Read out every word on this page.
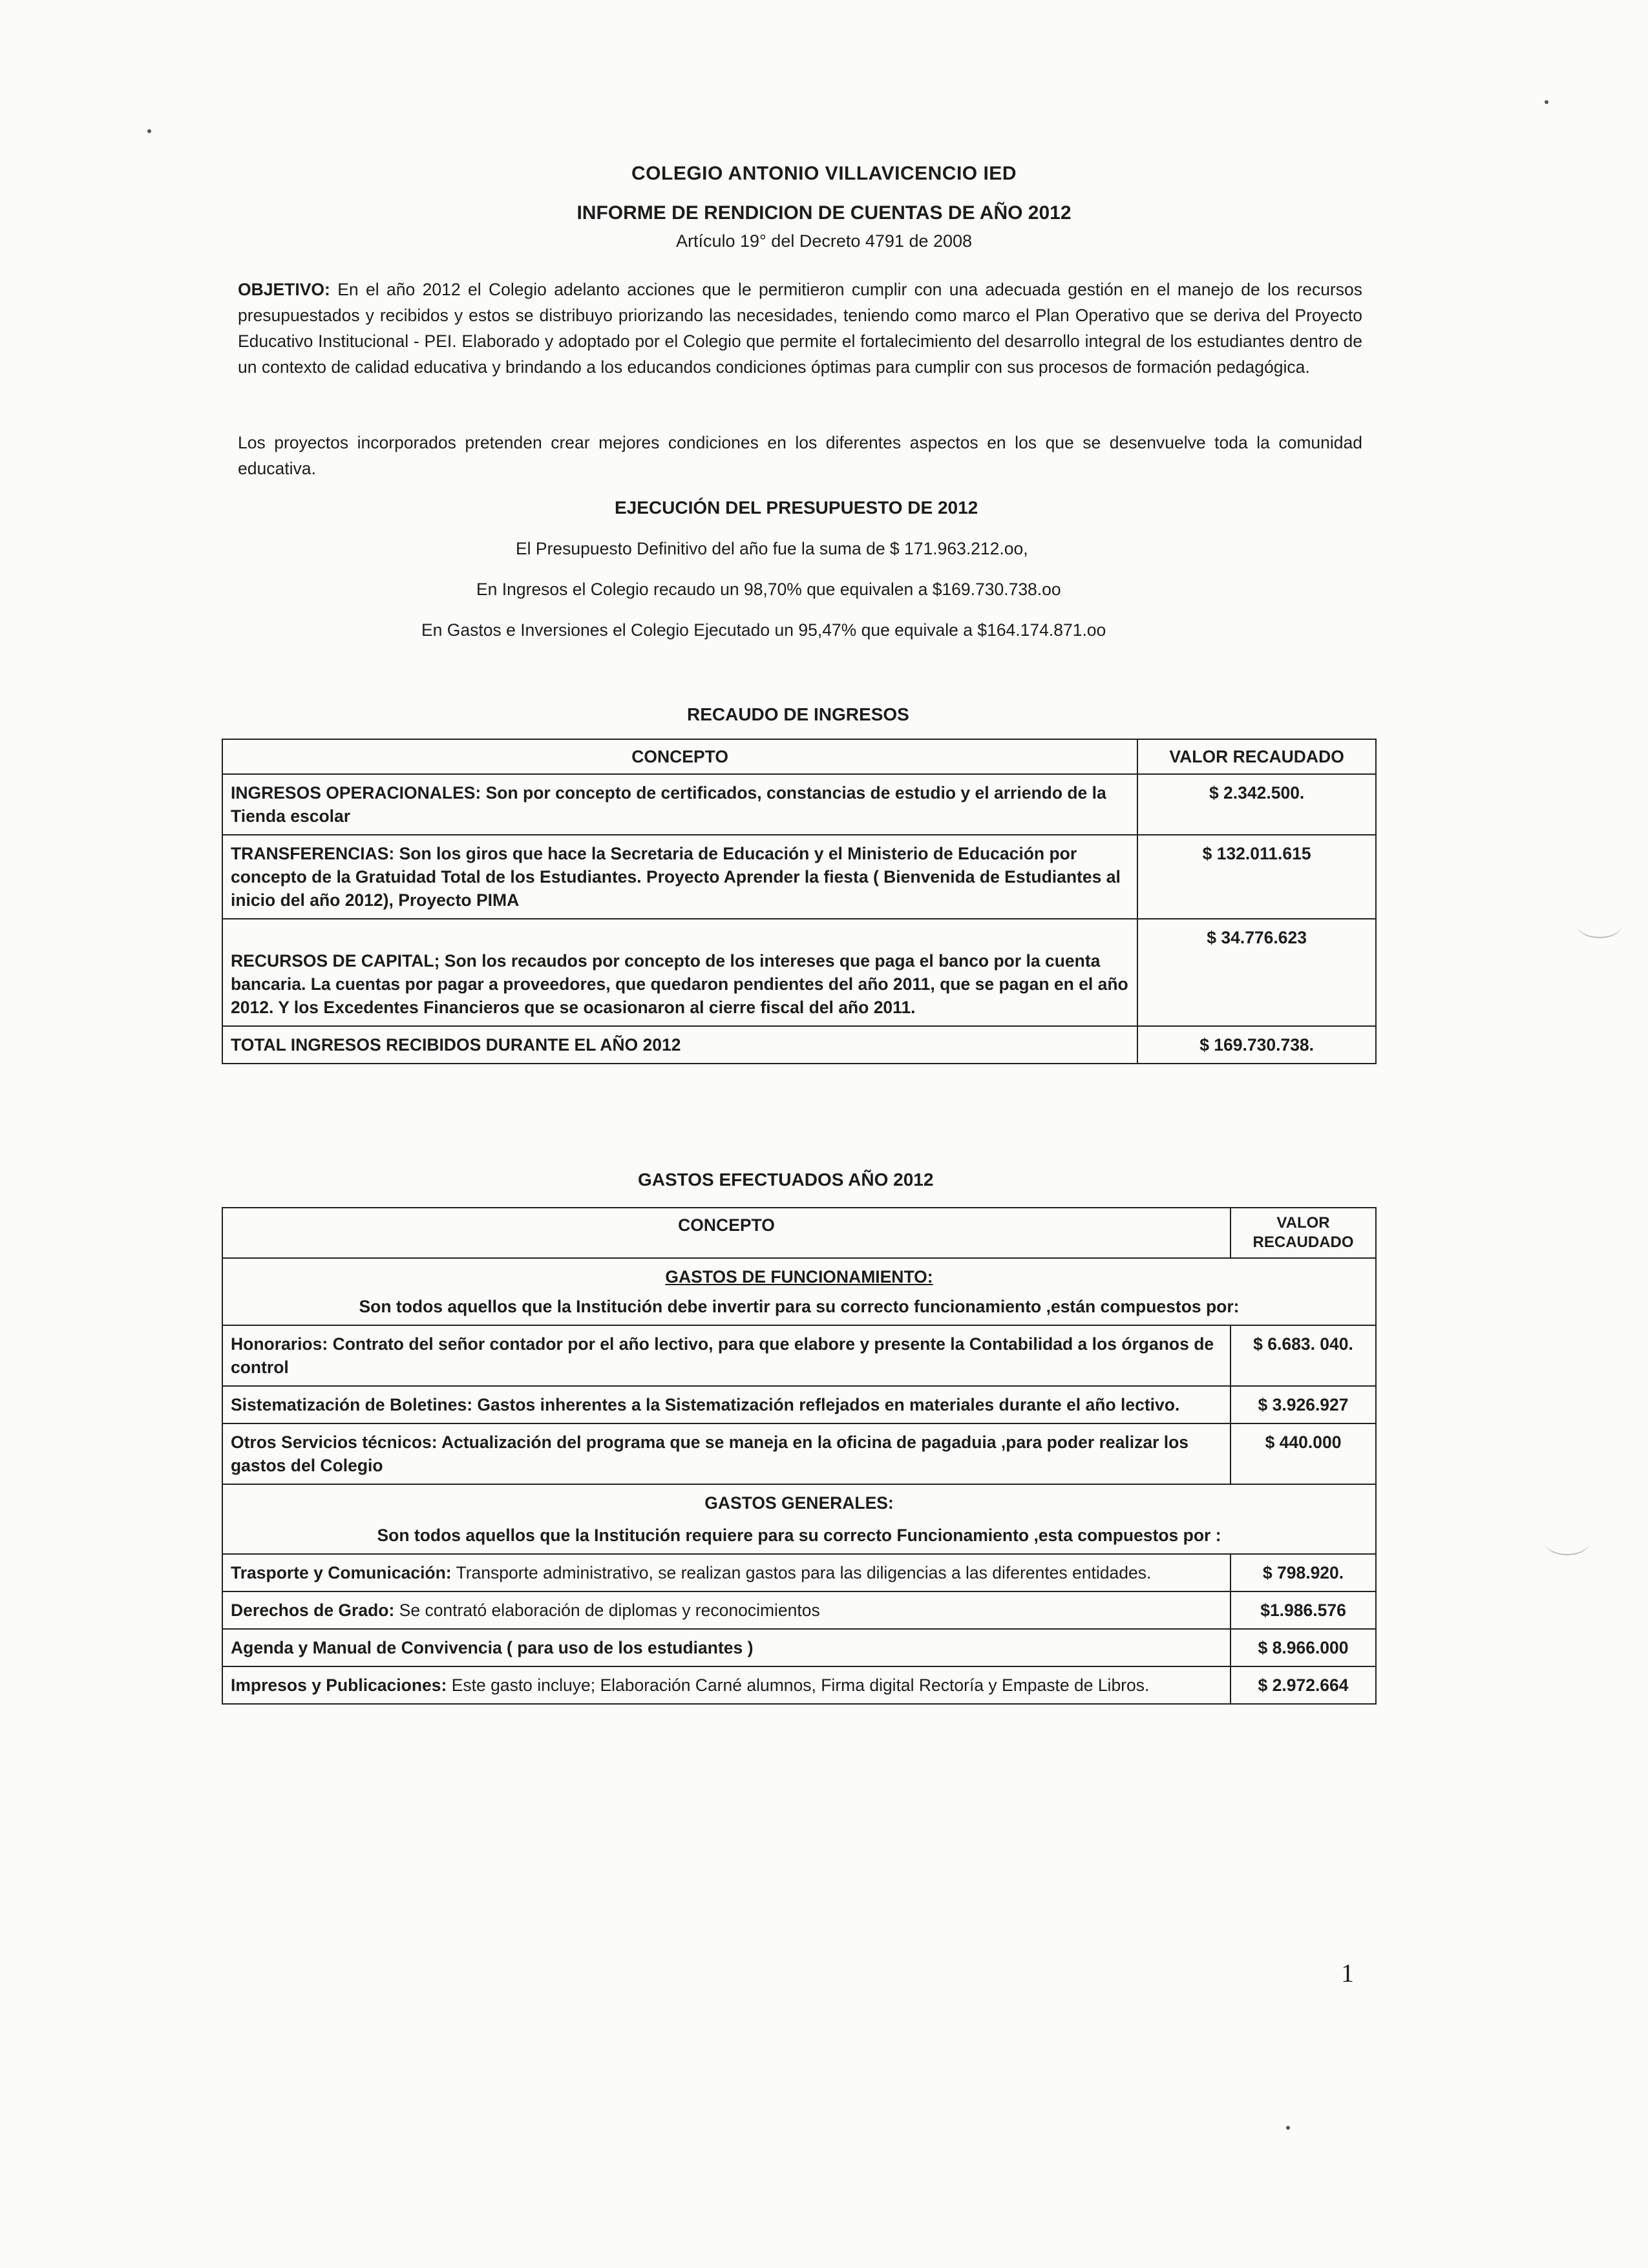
COLEGIO ANTONIO VILLAVICENCIO IED
INFORME DE RENDICION DE CUENTAS DE AÑO 2012
Artículo 19° del Decreto 4791 de 2008
OBJETIVO: En el año 2012 el Colegio adelanto acciones que le permitieron cumplir con una adecuada gestión en el manejo de los recursos presupuestados y recibidos y estos se distribuyo priorizando las necesidades, teniendo como marco el Plan Operativo que se deriva del Proyecto Educativo Institucional - PEI. Elaborado y adoptado por el Colegio que permite el fortalecimiento del desarrollo integral de los estudiantes dentro de un contexto de calidad educativa y brindando a los educandos condiciones óptimas para cumplir con sus procesos de formación pedagógica.
Los proyectos incorporados pretenden crear mejores condiciones en los diferentes aspectos en los que se desenvuelve toda la comunidad educativa.
EJECUCIÓN DEL PRESUPUESTO DE 2012
El Presupuesto Definitivo del año fue la suma de $ 171.963.212.oo,
En Ingresos el Colegio recaudo un 98,70% que equivalen a $169.730.738.oo
En Gastos e Inversiones el Colegio Ejecutado un 95,47% que equivale a $164.174.871.oo
RECAUDO DE INGRESOS
CONCEPTO	VALOR RECAUDADO
INGRESOS OPERACIONALES: Son por concepto de certificados, constancias de estudio y el arriendo de la Tienda escolar	$ 2.342.500.
TRANSFERENCIAS: Son los giros que hace la Secretaria de Educación y el Ministerio de Educación por concepto de la Gratuidad Total de los Estudiantes. Proyecto Aprender la fiesta ( Bienvenida de Estudiantes al inicio del año 2012), Proyecto PIMA	$ 132.011.615
RECURSOS DE CAPITAL; Son los recaudos por concepto de los intereses que paga el banco por la cuenta bancaria. La cuentas por pagar a proveedores, que quedaron pendientes del año 2011, que se pagan en el año 2012. Y los Excedentes Financieros que se ocasionaron al cierre fiscal del año 2011.	$ 34.776.623
TOTAL INGRESOS RECIBIDOS DURANTE EL AÑO 2012	$ 169.730.738.
GASTOS EFECTUADOS AÑO 2012
CONCEPTO	VALOR RECAUDADO

GASTOS DE FUNCIONAMIENTO:
Son todos aquellos que la Institución debe invertir para su correcto funcionamiento ,están compuestos por:	

Honorarios: Contrato del señor contador por el año lectivo, para que elabore y presente la Contabilidad a los órganos de control	$ 6.683. 040.
Sistematización de Boletines: Gastos inherentes a la Sistematización reflejados en materiales durante el año lectivo.	$ 3.926.927
Otros Servicios técnicos: Actualización del programa que se maneja en la oficina de pagaduia ,para poder realizar los gastos del Colegio	$ 440.000

GASTOS GENERALES:
Son todos aquellos que la Institución requiere para su correcto Funcionamiento ,esta compuestos por :	

Trasporte y Comunicación: Transporte administrativo, se realizan gastos para las diligencias a las diferentes entidades.	$ 798.920.
Derechos de Grado: Se contrató elaboración de diplomas y reconocimientos	$1.986.576
Agenda y Manual de Convivencia ( para uso de los estudiantes )	$ 8.966.000
Impresos y Publicaciones: Este gasto incluye; Elaboración Carné alumnos, Firma digital Rectoría y Empaste de Libros.	$ 2.972.664
1
